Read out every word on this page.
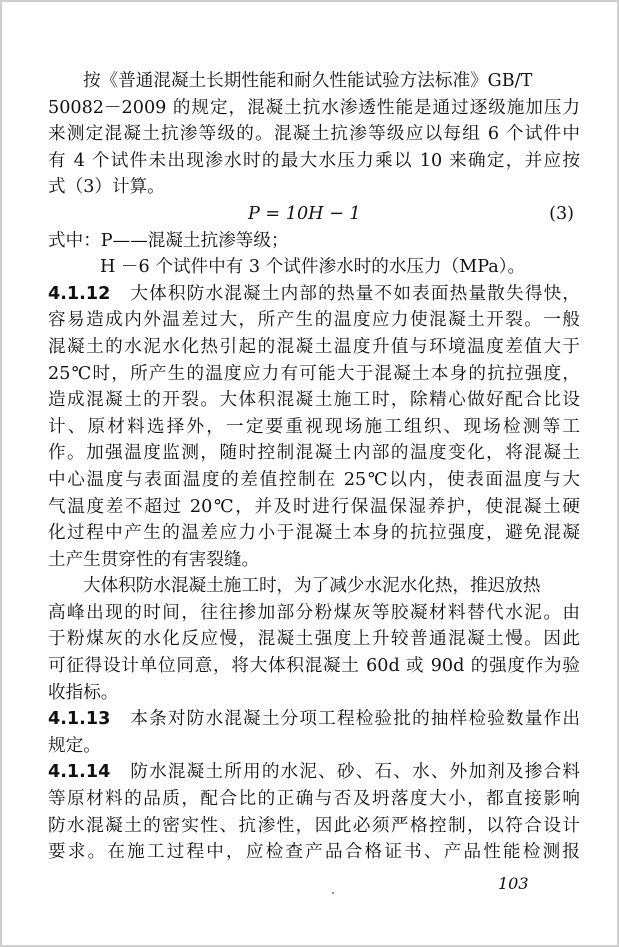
按《普通混凝土长期性能和耐久性能试验方法标准》GB/T
50082－2009 的规定，混凝土抗水渗透性能是通过逐级施加压力
来测定混凝土抗渗等级的。混凝土抗渗等级应以每组 6 个试件中
有 4 个试件未出现渗水时的最大水压力乘以 10 来确定，并应按
式（3）计算。
P = 10H − 1	(3)
式中：P——混凝土抗渗等级；
H －6 个试件中有 3 个试件渗水时的水压力（MPa）。
4.1.12　 大体积防水混凝土内部的热量不如表面热量散失得快，
容易造成内外温差过大，所产生的温度应力使混凝土开裂。一般
混凝土的水泥水化热引起的混凝土温度升值与环境温度差值大于
25℃时，所产生的温度应力有可能大于混凝土本身的抗拉强度，
造成混凝土的开裂。大体积混凝土施工时，除精心做好配合比设
计、原材料选择外，一定要重视现场施工组织、现场检测等工
作。加强温度监测，随时控制混凝土内部的温度变化，将混凝土
中心温度与表面温度的差值控制在 25℃以内，使表面温度与大
气温度差不超过 20℃，并及时进行保温保湿养护，使混凝土硬
化过程中产生的温差应力小于混凝土本身的抗拉强度，避免混凝
土产生贯穿性的有害裂缝。
大体积防水混凝土施工时，为了减少水泥水化热，推迟放热
高峰出现的时间，往往掺加部分粉煤灰等胶凝材料替代水泥。由
于粉煤灰的水化反应慢，混凝土强度上升较普通混凝土慢。因此
可征得设计单位同意，将大体积混凝土 60d 或 90d 的强度作为验
收指标。
4.1.13　 本条对防水混凝土分项工程检验批的抽样检验数量作出
规定。
4.1.14　 防水混凝土所用的水泥、砂、石、水、外加剂及掺合料
等原材料的品质，配合比的正确与否及坍落度大小，都直接影响
防水混凝土的密实性、抗渗性，因此必须严格控制，以符合设计
要求。在施工过程中，应检查产品合格证书、产品性能检测报
103
